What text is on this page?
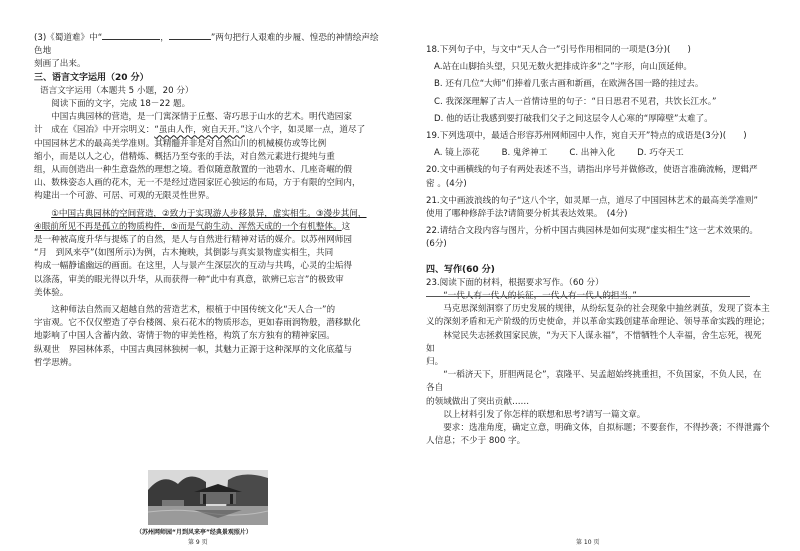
(3)《蜀道难》中“	，	”两句把行人艰难的步履、惶恐的神情绘声绘 色地

刻画了出来。

三、语言文字运用（20 分）

语言文字运用（本题共 5 小题，20 分）

阅读下面的文字，完成 18－22 题。

中国古典园林的营造，是一门寓深情于丘壑、寄巧思于山水的艺术。明代造园家

计　成在《园冶》中开宗明义：“虽由人作，宛自天开。”这八个字，如灵犀一点，道尽了

中国园林艺术的最高美学准则。其精髓并非是对自然山川的机械模仿或等比例

缩小，而是以人之心，借精炼、概括乃至夸张的手法，对自然元素进行提纯与重

组，从而创造出一种生意盎然的理想之境。看似随意散置的一池碧水、几座奇崛的假

山、数株姿态人画的花木，无一不是经过造园家匠心独运的布局，方于有限的空间内，

构建出一个可游、可居、可观的无限灵性世界。

①中国古典园林的空间营造，②致力于实现游人步移景异，虚实相生。③漫步其间，

④眼前所见不再是孤立的物质构件，⑤而是气韵生动、浑然天成的一个有机整体。这

是一种被高度升华与提炼了的自然，是人与自然进行精神对话的媒介。以苏州网师园

“月　到风来亭”(如图所示)为例，古木掩映，其倒影与真实景物虚实相生，共同

构成一幅静谧幽远的画面。在这里，人与景产生深层次的互动与共鸣，心灵的尘垢得

以涤荡，审美的眼光得以升华，从而获得一种“此中有真意，欲辨已忘言”的极致审

美体验。

这种师法自然而又超越自然的营造艺术，根植于中国传统文化“天人合一”的

宇宙观。它不仅仅塑造了亭台楼阁、泉石花木的物质形态，更如春雨润物般，潜移默化

地影响了中国人含蓄内敛、寄情于物的审美性格，构筑了东方独有的精神家园。

纵观世　界园林体系，中国古典园林独树一帜，其魅力正源于这种深厚的文化底蕴与

哲学思辨。

（苏州网师园“月到风来亭”经典景观照片）
第 9 页

18.下列句子中，与文中“天人合一”引号作用相同的一项是(3分)(　　)

A.站在山脚抬头望，只见无数火把排成许多“之”字形，向山顶延伸。

B. 还有几位“大师”们捧着几张古画和新画，在欧洲各国一路的挂过去。

C. 我深深理解了古人一首情诗里的句子：“日日思君不见君，共饮长江水。”

D. 他的话让我感到要打破我们父子之间这层令人心寒的“厚障壁”太难了。

19.下列选项中，最适合形容苏州网师园中人作，宛自天开”特点的成语是(3分)(　　)

A. 镜上添花	B. 鬼斧神工	C. 出神入化	D. 巧夺天工

20.文中画横线的句子有两处表述不当，请指出序号并做修改，使语言准确流畅，逻辑严

密 。(4分)

21.文中画波浪线的句子“这八个字，如灵犀一点，道尽了中国园林艺术的最高美学准则”

使用了哪种修辞手法?请简要分析其表达效果。　(4分)

22.请结合文段内容与图片，分析中国古典园林是如何实现“虚实相生”这一艺术效果的。

(6分)

四、写作(60 分)

23.阅读下面的材料，根据要求写作。（60 分）

“一代人有一代人的长征，一代人有一代人的担当。”

马克思深刻洞察了历史发展的规律，从纷纭复杂的社会现象中抽丝剥茧，发现了资本主

义的深刻矛盾和无产阶级的历史使命，并以革命实践创建革命理论、领导革命实践的理论；

林觉民失志拯救国家民族，“为天下人谋永福”，不惜牺牲个人幸福，舍生忘死，视死如

归。

“一稻济天下，肝胆两昆仑”，袁隆平、吴孟超始终挑重担，不负国家，不负人民，在各自

的领域做出了突出贡献……

以上材料引发了你怎样的联想和思考?请写一篇文章。

要求：选准角度，确定立意，明确文体，自拟标题；不要套作，不得抄袭；不得泄露个

人信息；不少于 800 字。

第 10 页
